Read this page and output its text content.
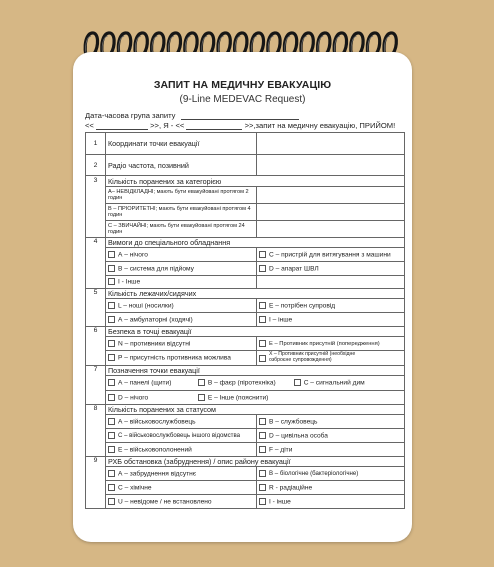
ЗАПИТ НА МЕДИЧНУ ЕВАКУАЦІЮ
(9-Line MEDEVAC Request)
Дата-часова група запиту
<<	>>, Я - <<	>>,запит на медичну евакуацію, ПРИЙОМ!
1	Координати точки евакуації	
2	Радіо частота, позивний	
3	Кількість поранених за категорією	
	А– НЕВІДКЛАДНІ; мають бути евакуйовані протягом 2 годин	
	В – ПРІОРИТЕТНІ; мають бути евакуйовані протягом 4 годин	
	С – ЗВИЧАЙНІ; мають бути евакуйовані протягом 24 годин	
4	Вимоги до спеціального обладнання	
	А – нічого	С – пристрій для витягування з машини
	В – система для підйому	D – апарат ШВЛ
	І - Інше	
5	Кількість лежачих/сидячих	
	L – ноші (носилки)	Е – потрібен супровід
	А – амбулаторні (ходячі)	І – інше
6	Безпека в точці евакуації	
	N – противники відсутні	Е – Противник присутній (попередження)
	Р – присутність противника можлива	Х – Противник присутній (необхідне озброєне супровождення)
7	Позначення точки евакуації	
	А – панелі (щити) В – фаєр (піротехніка) С – сигнальний дим	
	D – нічого Е – Інше (пояснити)	
8	Кількість поранених за статусом	
	А – військовослужбовець	В – службовець
	С – військовослужбовець іншого відомства	D – цивільна особа
	Е – військовополонений	F – діти
9	РХБ обстановка (забруднення) / опис району евакуації	
	А – забруднення відсутнє	В – біологічне (бактеріологічне)
	С – хімічне	R - радіаційне
	U – невідоме / не встановлено	І - інше
